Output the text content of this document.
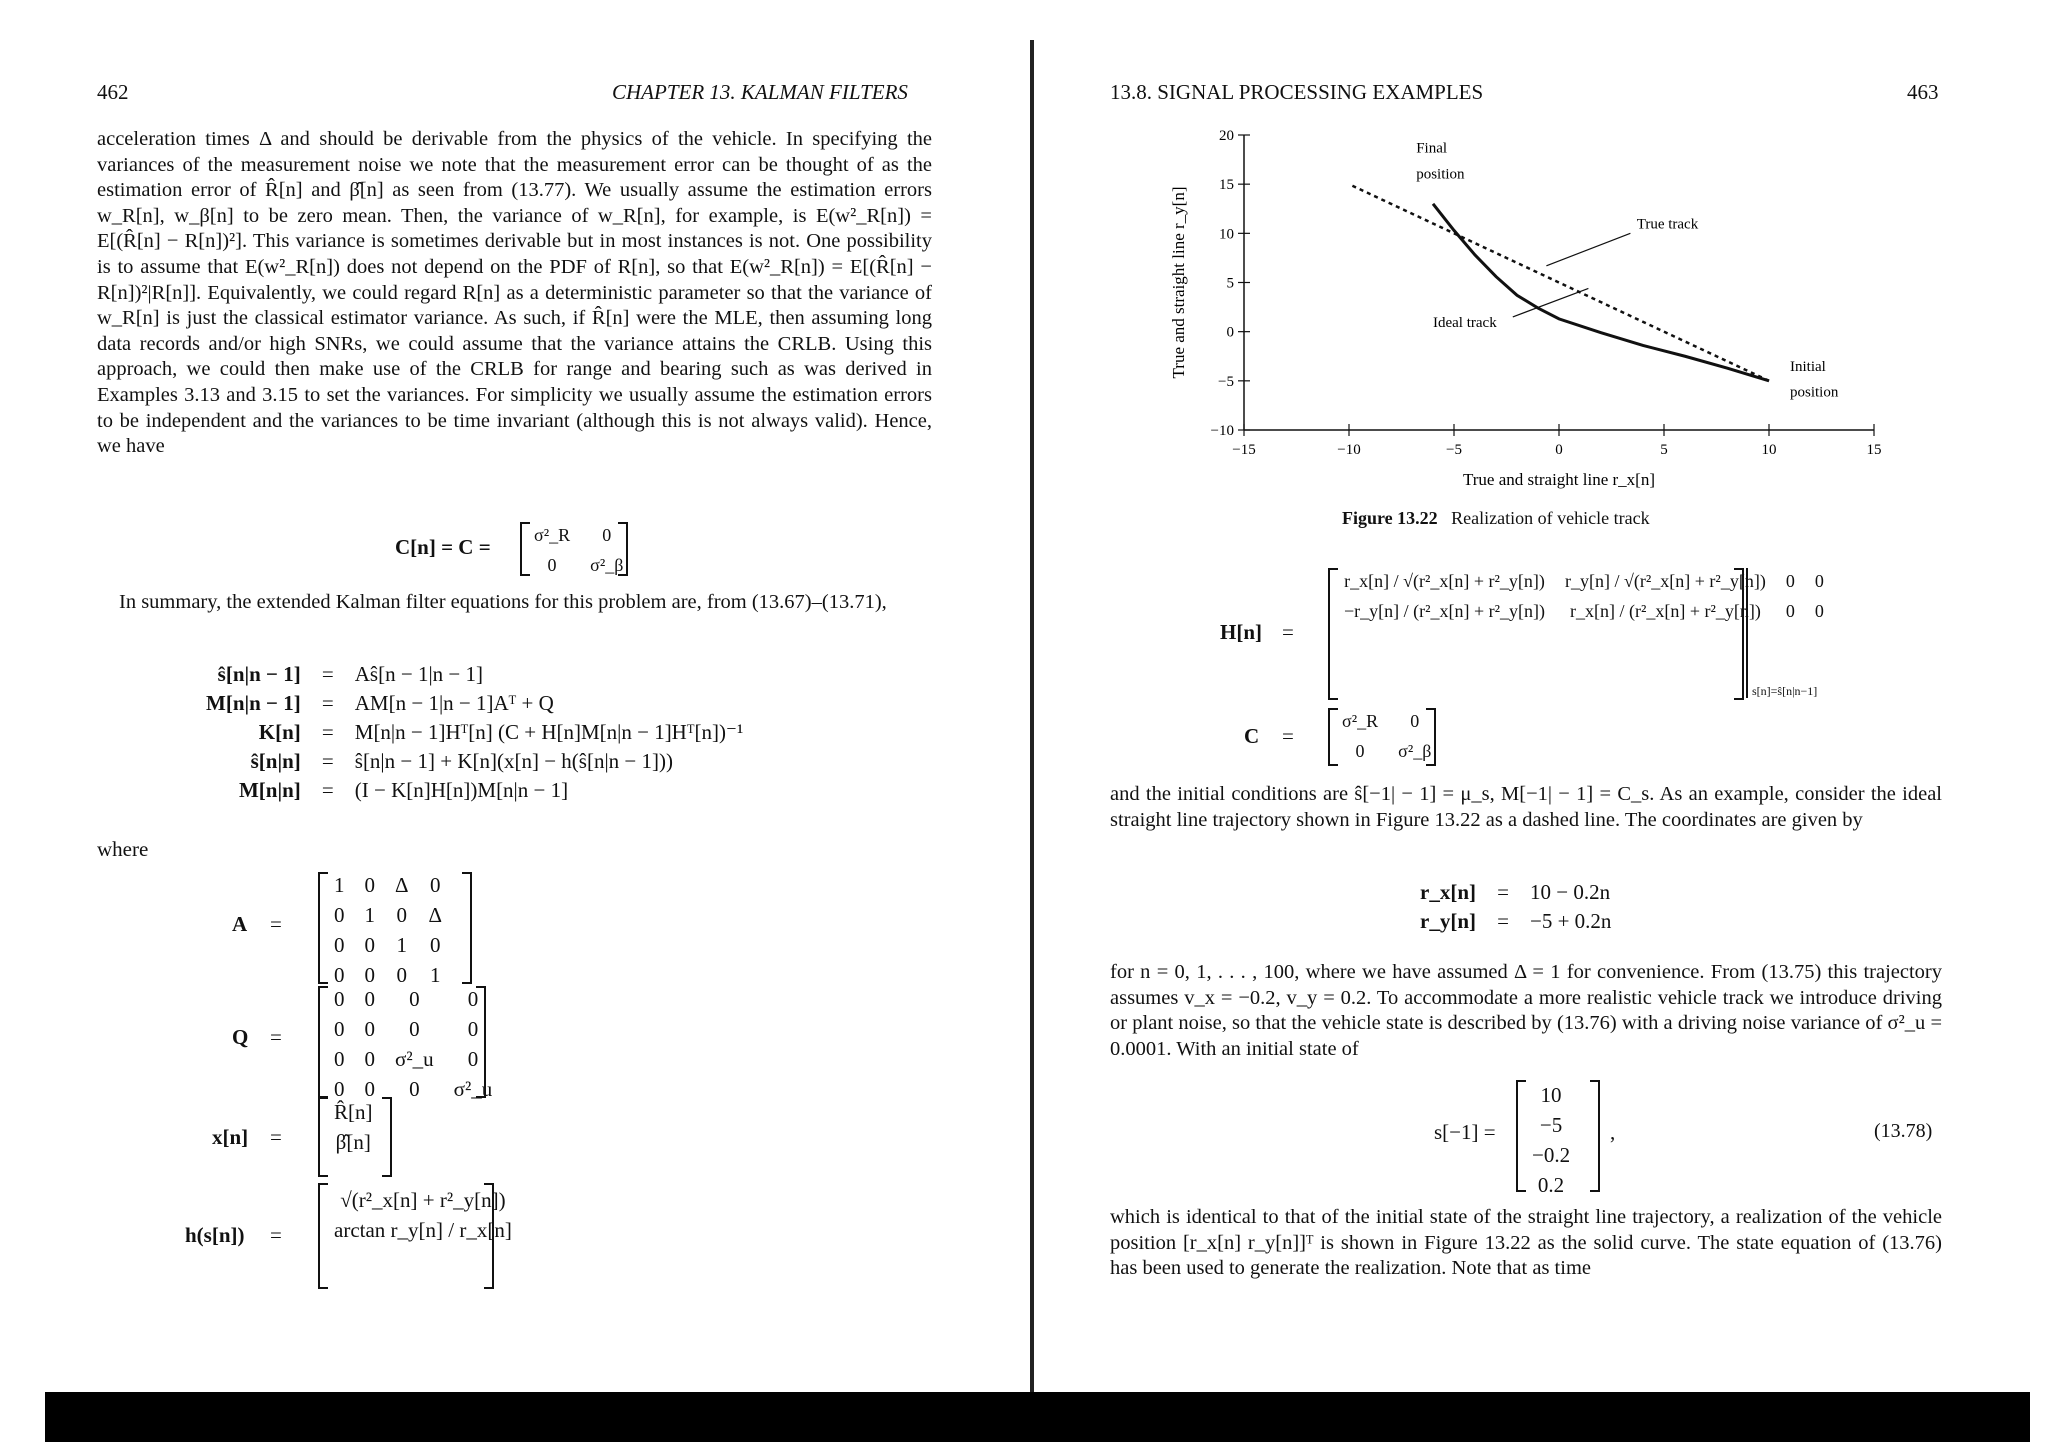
462	CHAPTER 13. KALMAN FILTERS

acceleration times Δ and should be derivable from the physics of the vehicle. In specifying the variances of the measurement noise we note that the measurement error can be thought of as the estimation error of R̂[n] and β̂[n] as seen from (13.77). We usually assume the estimation errors w_R[n], w_β[n] to be zero mean. Then, the variance of w_R[n], for example, is E(w²_R[n]) = E[(R̂[n] − R[n])²]. This variance is sometimes derivable but in most instances is not. One possibility is to assume that E(w²_R[n]) does not depend on the PDF of R[n], so that E(w²_R[n]) = E[(R̂[n] − R[n])²|R[n]]. Equivalently, we could regard R[n] as a deterministic parameter so that the variance of w_R[n] is just the classical estimator variance. As such, if R̂[n] were the MLE, then assuming long data records and/or high SNRs, we could assume that the variance attains the CRLB. Using this approach, we could then make use of the CRLB for range and bearing such as was derived in Examples 3.13 and 3.15 to set the variances. For simplicity we usually assume the estimation errors to be independent and the variances to be time invariant (although this is not always valid). Hence, we have

C[n] = C =
σ²_R	0
0	σ²_β

In summary, the extended Kalman filter equations for this problem are, from (13.67)–(13.71),

ŝ[n|n − 1]	=	Aŝ[n − 1|n − 1]
M[n|n − 1]	=	AM[n − 1|n − 1]Aᵀ + Q
K[n]	=	M[n|n − 1]Hᵀ[n] (C + H[n]M[n|n − 1]Hᵀ[n])⁻¹
ŝ[n|n]	=	ŝ[n|n − 1] + K[n](x[n] − h(ŝ[n|n − 1]))
M[n|n]	=	(I − K[n]H[n])M[n|n − 1]
where
A =
1	0	Δ	0
0	1	0	Δ
0	0	1	0
0	0	0	1
Q =
0	0	0	0
0	0	0	0
0	0	σ²_u	0
0	0	0	σ²_u
x[n] =
R̂[n]
β̂[n]
h(s[n]) =
√(r²_x[n] + r²_y[n])
arctan r_y[n] / r_x[n]
13.8. SIGNAL PROCESSING EXAMPLES	463
−15	−10	−5	0	5	10	15
−10
−5
0
5
10
15
20
True and straight line r_x[n]
True and straight line r_y[n]
Final
position
True track
Ideal track
Initial
position
Figure 13.22 Realization of vehicle track
H[n] =
r_x[n] / √(r²_x[n] + r²_y[n])	r_y[n] / √(r²_x[n] + r²_y[n])	0	0
−r_y[n] / (r²_x[n] + r²_y[n])	r_x[n] / (r²_x[n] + r²_y[n])	0	0
s[n]=ŝ[n|n−1]
C =
σ²_R	0
0	σ²_β

and the initial conditions are ŝ[−1| − 1] = μ_s, M[−1| − 1] = C_s. As an example, consider the ideal straight line trajectory shown in Figure 13.22 as a dashed line. The coordinates are given by

r_x[n]	=	10 − 0.2n
r_y[n]	=	−5 + 0.2n

for n = 0, 1, . . . , 100, where we have assumed Δ = 1 for convenience. From (13.75) this trajectory assumes v_x = −0.2, v_y = 0.2. To accommodate a more realistic vehicle track we introduce driving or plant noise, so that the vehicle state is described by (13.76) with a driving noise variance of σ²_u = 0.0001. With an initial state of

s[−1] =
10
−5
−0.2
0.2
,	(13.78)

which is identical to that of the initial state of the straight line trajectory, a realization of the vehicle position [r_x[n] r_y[n]]ᵀ is shown in Figure 13.22 as the solid curve. The state equation of (13.76) has been used to generate the realization. Note that as time
